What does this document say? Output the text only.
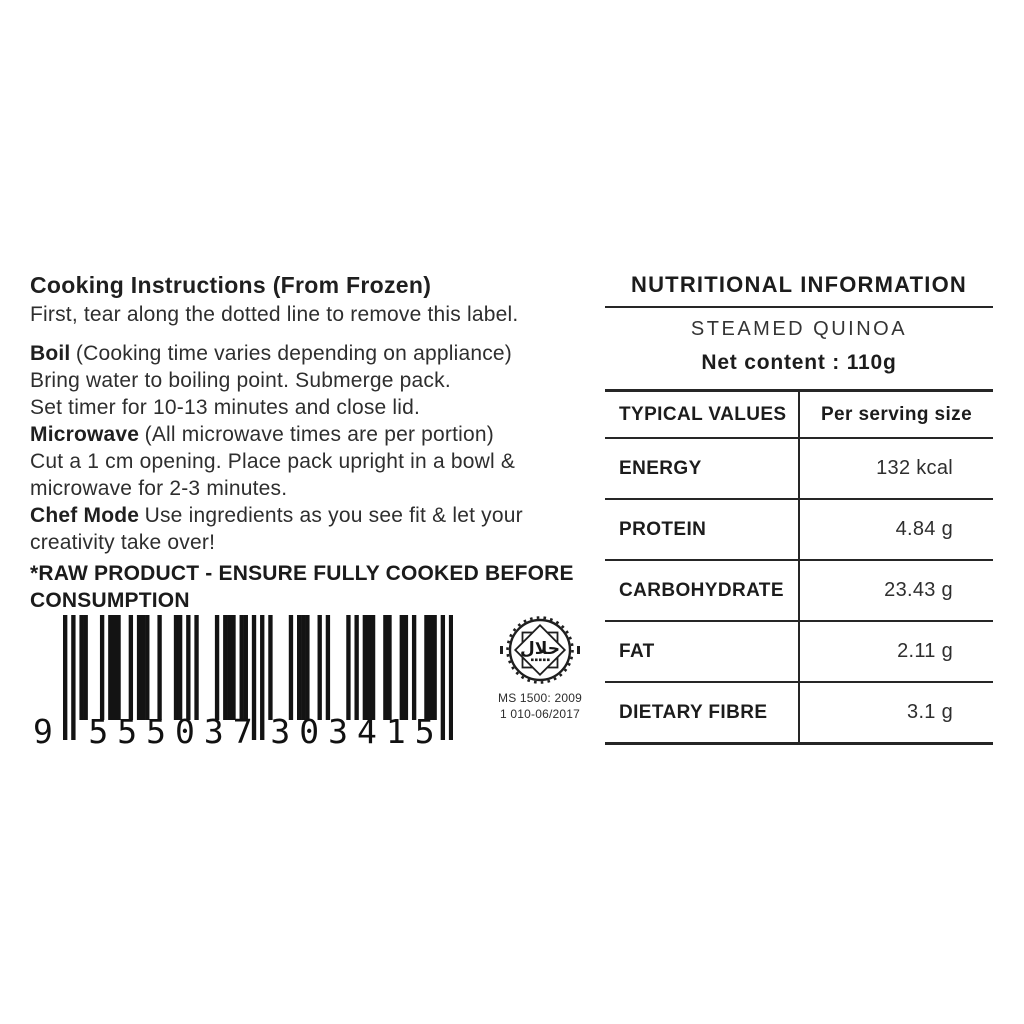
Cooking Instructions (From Frozen)
First, tear along the dotted line to remove this label.
Boil (Cooking time varies depending on appliance)
Bring water to boiling point. Submerge pack.
Set timer for 10-13 minutes and close lid.
Microwave (All microwave times are per portion)
Cut a 1 cm opening. Place pack upright in a bowl &
microwave for 2-3 minutes.
Chef Mode Use ingredients as you see fit & let your
creativity take over!
*RAW PRODUCT - ENSURE FULLY COOKED BEFORE
CONSUMPTION
9	555037 303415
حلال
MS 1500: 2009
1 010-06/2017
NUTRITIONAL INFORMATION
STEAMED QUINOA
Net content : 110g
TYPICAL VALUES Per serving size
ENERGY	132 kcal
PROTEIN	4.84 g
CARBOHYDRATE	23.43 g
FAT	2.11 g
DIETARY FIBRE	3.1 g
